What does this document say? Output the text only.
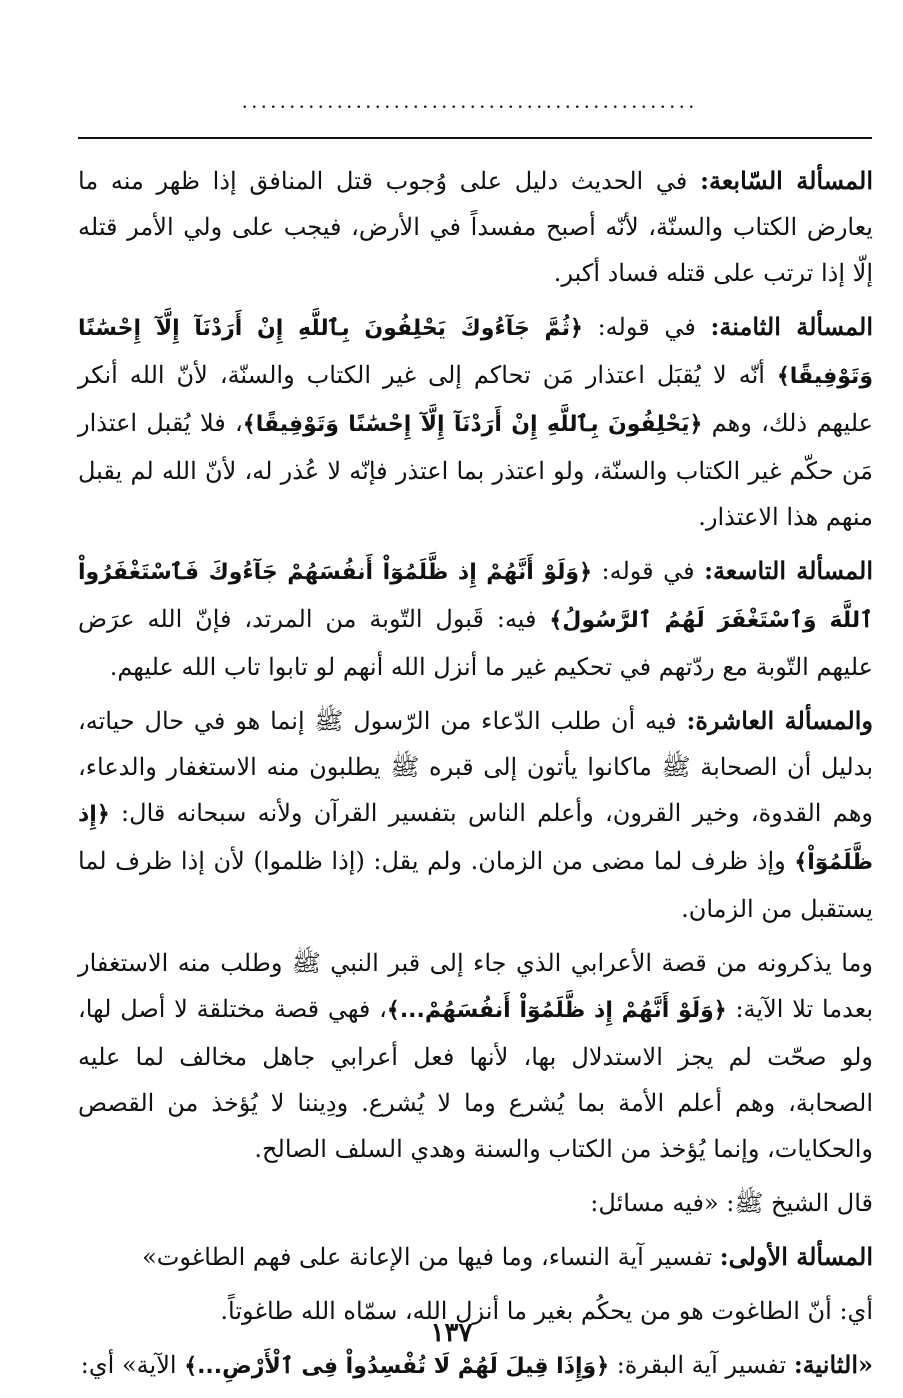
................................................

المسألة السّابعة: في الحديث دليل على وُجوب قتل المنافق إذا ظهر منه ما يعارض الكتاب والسنّة، لأنّه أصبح مفسداً في الأرض، فيجب على ولي الأمر قتله إلّا إذا ترتب على قتله فساد أكبر.

المسألة الثامنة: في قوله: ﴿ثُمَّ جَآءُوكَ يَحْلِفُونَ بِٱللَّهِ إِنْ أَرَدْنَآ إِلَّآ إِحْسَٰنًا وَتَوْفِيقًا﴾ أنّه لا يُقبَل اعتذار مَن تحاكم إلى غير الكتاب والسنّة، لأنّ الله أنكر عليهم ذلك، وهم ﴿يَحْلِفُونَ بِٱللَّهِ إِنْ أَرَدْنَآ إِلَّآ إِحْسَٰنًا وَتَوْفِيقًا﴾، فلا يُقبل اعتذار مَن حكّم غير الكتاب والسنّة، ولو اعتذر بما اعتذر فإنّه لا عُذر له، لأنّ الله لم يقبل منهم هذا الاعتذار.

المسألة التاسعة: في قوله: ﴿وَلَوْ أَنَّهُمْ إِذ ظَّلَمُوٓاْ أَنفُسَهُمْ جَآءُوكَ فَٱسْتَغْفَرُواْ ٱللَّهَ وَٱسْتَغْفَرَ لَهُمُ ٱلرَّسُولُ﴾ فيه: قَبول التّوبة من المرتد، فإنّ الله عرَض عليهم التّوبة مع ردّتهم في تحكيم غير ما أنزل الله أنهم لو تابوا تاب الله عليهم.

والمسألة العاشرة: فيه أن طلب الدّعاء من الرّسول ﷺ إنما هو في حال حياته، بدليل أن الصحابة ﷺ ماكانوا يأتون إلى قبره ﷺ يطلبون منه الاستغفار والدعاء، وهم القدوة، وخير القرون، وأعلم الناس بتفسير القرآن ولأنه سبحانه قال: ﴿إِذ ظَّلَمُوٓاْ﴾ وإذ ظرف لما مضى من الزمان. ولم يقل: (إذا ظلموا) لأن إذا ظرف لما يستقبل من الزمان.

وما يذكرونه من قصة الأعرابي الذي جاء إلى قبر النبي ﷺ وطلب منه الاستغفار بعدما تلا الآية: ﴿وَلَوْ أَنَّهُمْ إِذ ظَّلَمُوٓاْ أَنفُسَهُمْ...﴾، فهي قصة مختلقة لا أصل لها، ولو صحّت لم يجز الاستدلال بها، لأنها فعل أعرابي جاهل مخالف لما عليه الصحابة، وهم أعلم الأمة بما يُشرع وما لا يُشرع. ودِيننا لا يُؤخذ من القصص والحكايات، وإنما يُؤخذ من الكتاب والسنة وهدي السلف الصالح.

قال الشيخ ﷺ: «فيه مسائل:

المسألة الأولى: تفسير آية النساء، وما فيها من الإعانة على فهم الطاغوت»

أي: أنّ الطاغوت هو من يحكُم بغير ما أنزل الله، سمّاه الله طاغوتاً.

«الثانية: تفسير آية البقرة: ﴿وَإِذَا قِيلَ لَهُمْ لَا تُفْسِدُواْ فِى ٱلْأَرْضِ...﴾ الآية» أي:

١٣٧
